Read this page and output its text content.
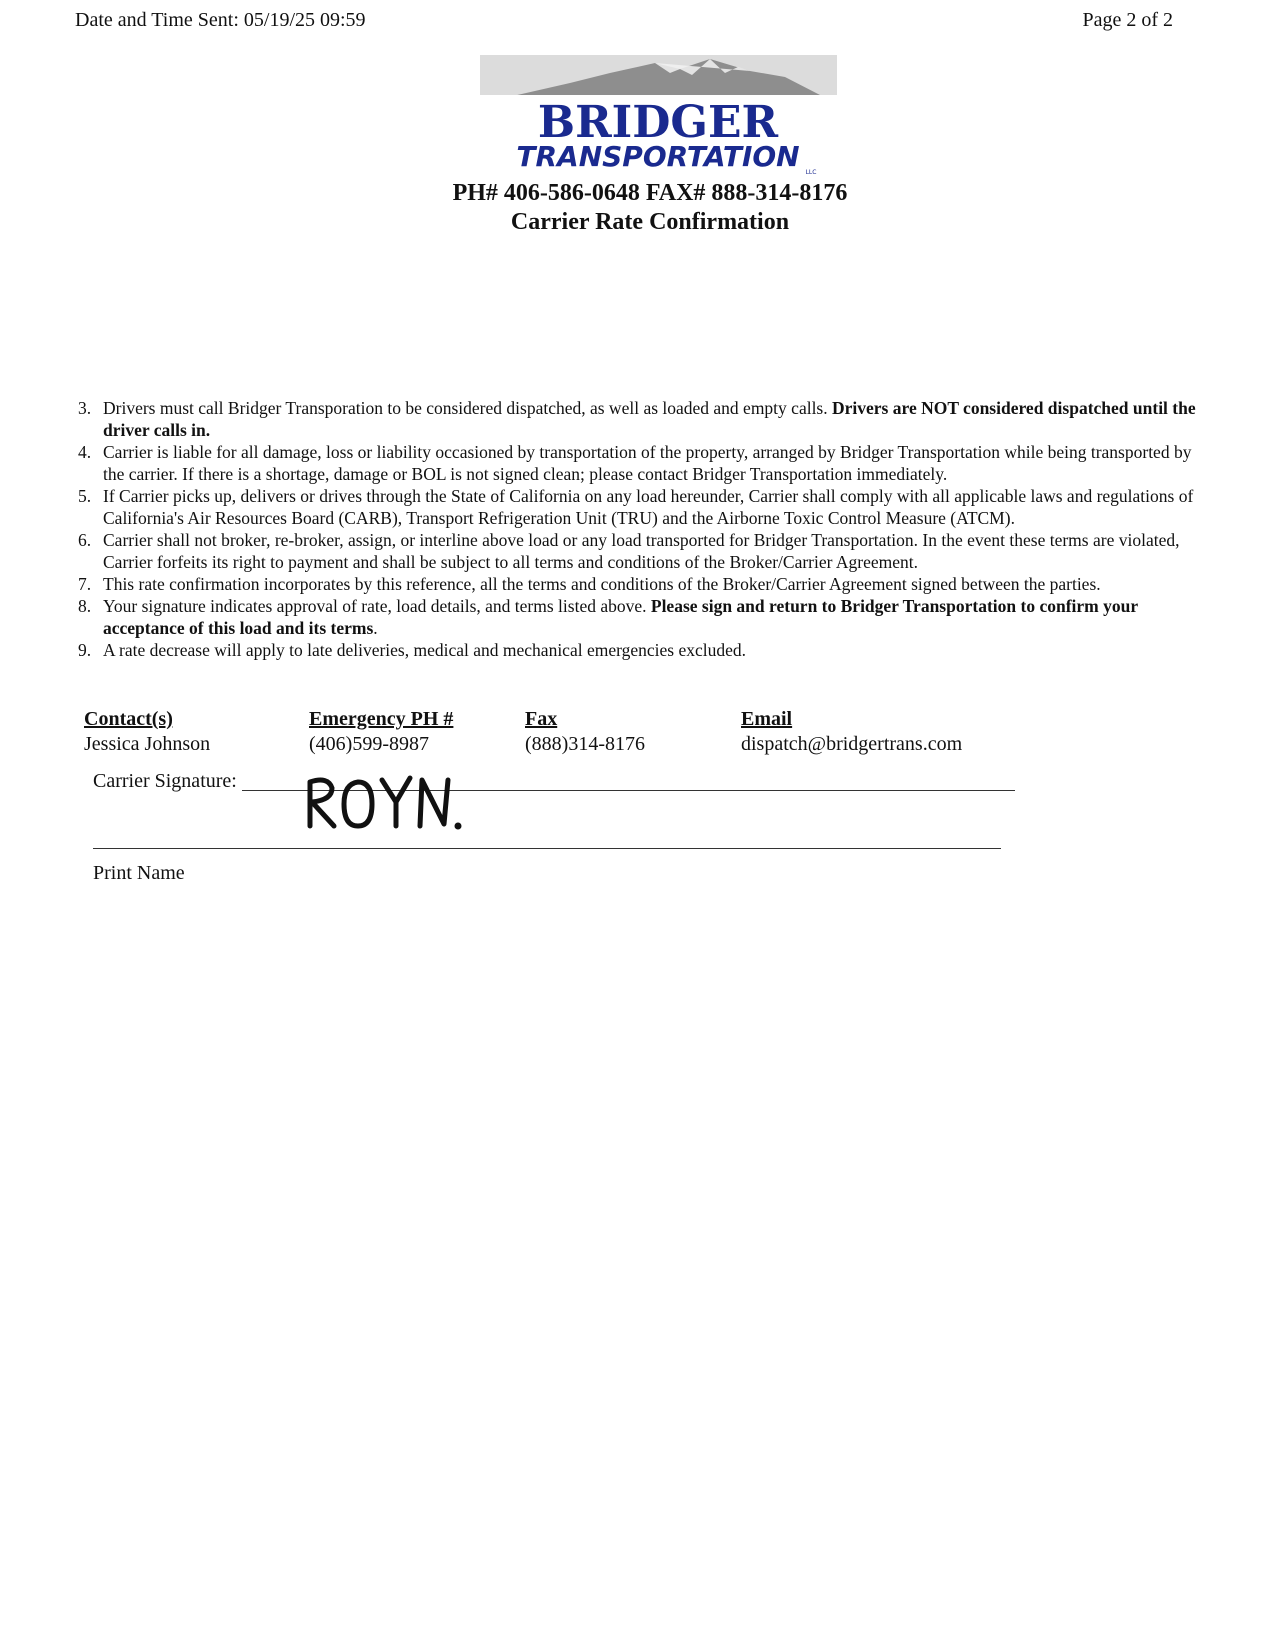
Date and Time Sent: 05/19/25 09:59	Page 2 of 2
BRIDGER
TRANSPORTATION LLC
PH# 406-586-0648 FAX# 888-314-8176
Carrier Rate Confirmation
3. Drivers must call Bridger Transporation to be considered dispatched, as well as loaded and empty calls. Drivers are NOT considered dispatched until the driver calls in.
4. Carrier is liable for all damage, loss or liability occasioned by transportation of the property, arranged by Bridger Transportation while being transported by the carrier. If there is a shortage, damage or BOL is not signed clean; please contact Bridger Transportation immediately.
5. If Carrier picks up, delivers or drives through the State of California on any load hereunder, Carrier shall comply with all applicable laws and regulations of California's Air Resources Board (CARB), Transport Refrigeration Unit (TRU) and the Airborne Toxic Control Measure (ATCM).
6. Carrier shall not broker, re-broker, assign, or interline above load or any load transported for Bridger Transportation. In the event these terms are violated, Carrier forfeits its right to payment and shall be subject to all terms and conditions of the Broker/Carrier Agreement.
7. This rate confirmation incorporates by this reference, all the terms and conditions of the Broker/Carrier Agreement signed between the parties.
8. Your signature indicates approval of rate, load details, and terms listed above. Please sign and return to Bridger Transportation to confirm your acceptance of this load and its terms.
9. A rate decrease will apply to late deliveries, medical and mechanical emergencies excluded.
Contact(s)	Emergency PH #	Fax	Email
Jessica Johnson	(406)599-8987	(888)314-8176	dispatch@bridgertrans.com
Carrier Signature:
Print Name
